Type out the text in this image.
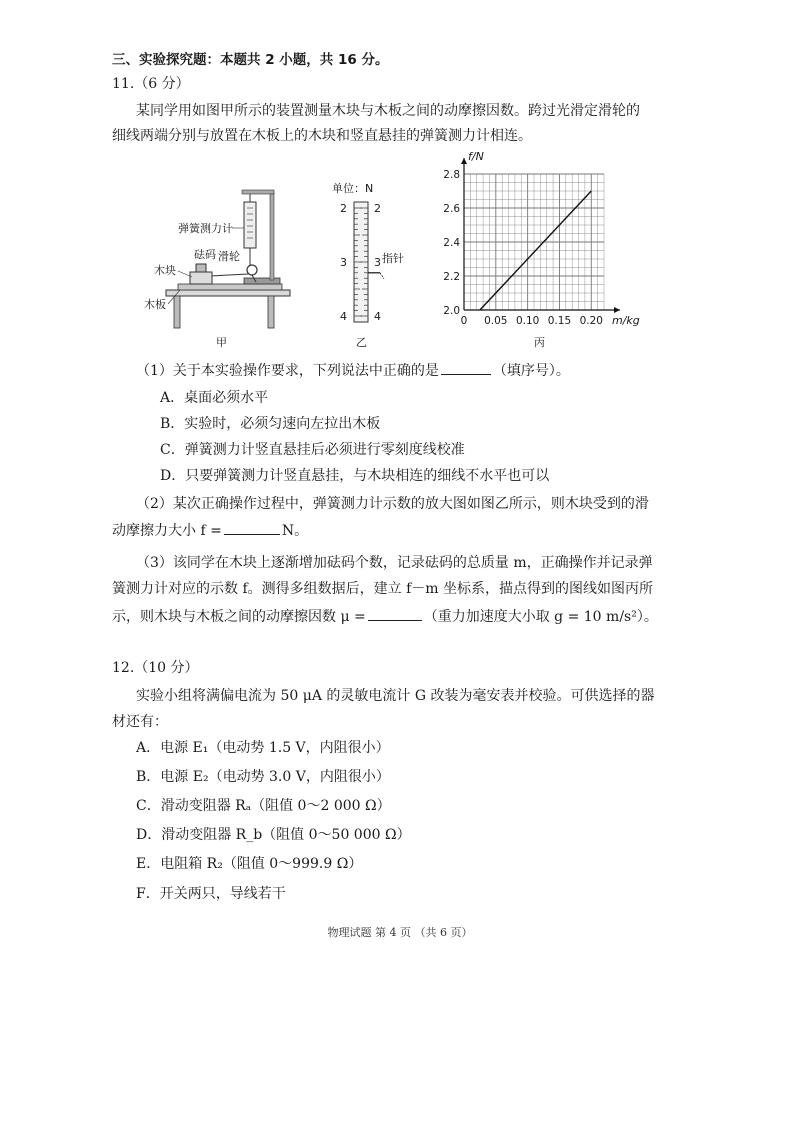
三、实验探究题：本题共 2 小题，共 16 分。
11.（6 分）
某同学用如图甲所示的装置测量木块与木板之间的动摩擦因数。跨过光滑定滑轮的
细线两端分别与放置在木板上的木块和竖直悬挂的弹簧测力计相连。
弹簧测力计
砝码 滑轮
木块
木板
甲
单位：N
2
3
4
2
3
4
指针
乙
0 0.05 0.10 0.15 0.20
2.0
2.2
2.4
2.6
2.8
f/N
m/kg
丙
（1）关于本实验操作要求，下列说法中正确的是	（填序号）。
A．桌面必须水平
B．实验时，必须匀速向左拉出木板
C．弹簧测力计竖直悬挂后必须进行零刻度线校准
D．只要弹簧测力计竖直悬挂，与木块相连的细线不水平也可以
（2）某次正确操作过程中，弹簧测力计示数的放大图如图乙所示，则木块受到的滑
动摩擦力大小 f =	N。
（3）该同学在木块上逐渐增加砝码个数，记录砝码的总质量 m，正确操作并记录弹
簧测力计对应的示数 f。测得多组数据后，建立 f－m 坐标系，描点得到的图线如图丙所
示，则木块与木板之间的动摩擦因数 μ =	（重力加速度大小取 g = 10 m/s²）。
12.（10 分）
实验小组将满偏电流为 50 μA 的灵敏电流计 G 改装为毫安表并校验。可供选择的器
材还有：
A．电源 E₁（电动势 1.5 V，内阻很小）
B．电源 E₂（电动势 3.0 V，内阻很小）
C．滑动变阻器 Rₐ（阻值 0～2 000 Ω）
D．滑动变阻器 R_b（阻值 0～50 000 Ω）
E．电阻箱 R₂（阻值 0～999.9 Ω）
F．开关两只，导线若干
物理试题 第 4 页 （共 6 页）
